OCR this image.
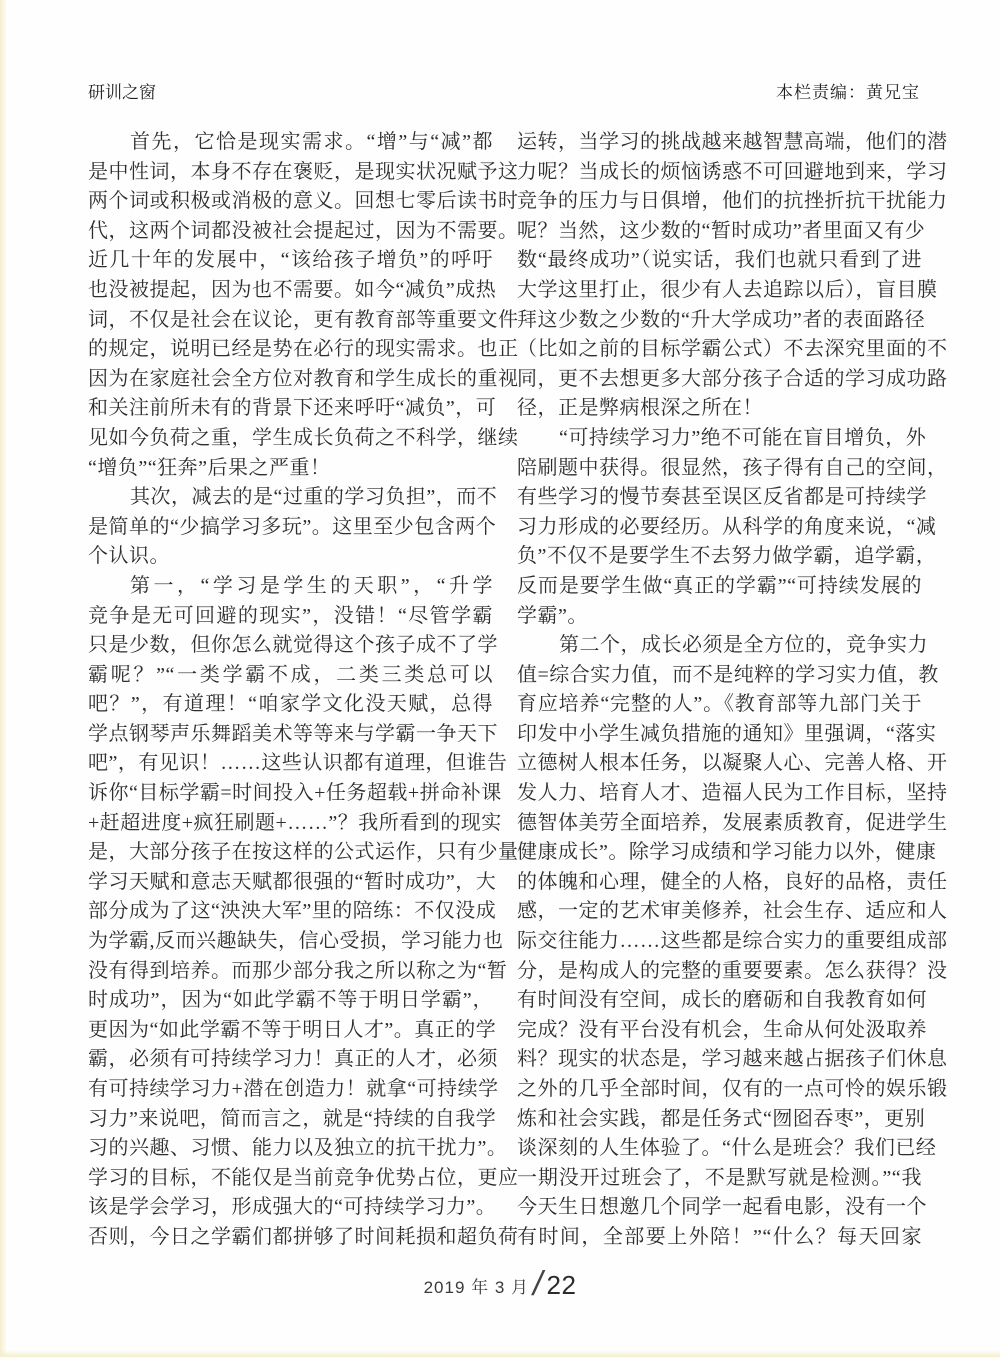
研训之窗	本栏责编：黄兄宝
首先，它恰是现实需求。“增”与“减”都
是中性词，本身不存在褒贬，是现实状况赋予这
两个词或积极或消极的意义。回想七零后读书时
代，这两个词都没被社会提起过，因为不需要。
近几十年的发展中，“该给孩子增负”的呼吁
也没被提起，因为也不需要。如今“减负”成热
词，不仅是社会在议论，更有教育部等重要文件
的规定，说明已经是势在必行的现实需求。也正
因为在家庭社会全方位对教育和学生成长的重视
和关注前所未有的背景下还来呼吁“减负”，可
见如今负荷之重，学生成长负荷之不科学，继续
“增负”“狂奔”后果之严重！
其次，减去的是“过重的学习负担”，而不
是简单的“少搞学习多玩”。这里至少包含两个
个认识。
第一，“学习是学生的天职”，“升学
竞争是无可回避的现实”，没错！“尽管学霸
只是少数，但你怎么就觉得这个孩子成不了学
霸呢？”“一类学霸不成，二类三类总可以
吧？”，有道理！“咱家学文化没天赋，总得
学点钢琴声乐舞蹈美术等等来与学霸一争天下
吧”，有见识！……这些认识都有道理，但谁告
诉你“目标学霸=时间投入+任务超载+拼命补课
+赶超进度+疯狂刷题+……”？我所看到的现实
是，大部分孩子在按这样的公式运作，只有少量
学习天赋和意志天赋都很强的“暂时成功”，大
部分成为了这“泱泱大军”里的陪练：不仅没成
为学霸,反而兴趣缺失，信心受损，学习能力也
没有得到培养。而那少部分我之所以称之为“暂
时成功”，因为“如此学霸不等于明日学霸”，
更因为“如此学霸不等于明日人才”。真正的学
霸，必须有可持续学习力！真正的人才，必须
有可持续学习力+潜在创造力！就拿“可持续学
习力”来说吧，简而言之，就是“持续的自我学
习的兴趣、习惯、能力以及独立的抗干扰力”。
学习的目标，不能仅是当前竞争优势占位，更应
该是学会学习，形成强大的“可持续学习力”。
否则，今日之学霸们都拼够了时间耗损和超负荷
运转，当学习的挑战越来越智慧高端，他们的潜
力呢？当成长的烦恼诱惑不可回避地到来，学习
竞争的压力与日俱增，他们的抗挫折抗干扰能力
呢？当然，这少数的“暂时成功”者里面又有少
数“最终成功”（说实话，我们也就只看到了进
大学这里打止，很少有人去追踪以后），盲目膜
拜这少数之少数的“升大学成功”者的表面路径
（比如之前的目标学霸公式）不去深究里面的不
同，更不去想更多大部分孩子合适的学习成功路
径，正是弊病根深之所在！
“可持续学习力”绝不可能在盲目增负，外
陪刷题中获得。很显然，孩子得有自己的空间，
有些学习的慢节奏甚至误区反省都是可持续学
习力形成的必要经历。从科学的角度来说，“减
负”不仅不是要学生不去努力做学霸，追学霸，
反而是要学生做“真正的学霸”“可持续发展的
学霸”。
第二个，成长必须是全方位的，竞争实力
值=综合实力值，而不是纯粹的学习实力值，教
育应培养“完整的人”。《教育部等九部门关于
印发中小学生减负措施的通知》里强调，“落实
立德树人根本任务，以凝聚人心、完善人格、开
发人力、培育人才、造福人民为工作目标，坚持
德智体美劳全面培养，发展素质教育，促进学生
健康成长”。除学习成绩和学习能力以外，健康
的体魄和心理，健全的人格，良好的品格，责任
感，一定的艺术审美修养，社会生存、适应和人
际交往能力……这些都是综合实力的重要组成部
分，是构成人的完整的重要要素。怎么获得？没
有时间没有空间，成长的磨砺和自我教育如何
完成？没有平台没有机会，生命从何处汲取养
料？现实的状态是，学习越来越占据孩子们休息
之外的几乎全部时间，仅有的一点可怜的娱乐锻
炼和社会实践，都是任务式“囫囵吞枣”，更别
谈深刻的人生体验了。“什么是班会？我们已经
一期没开过班会了，不是默写就是检测。”“我
今天生日想邀几个同学一起看电影，没有一个
有时间，全部要上外陪！”“什么？每天回家
2019 年 3 月 / 22
